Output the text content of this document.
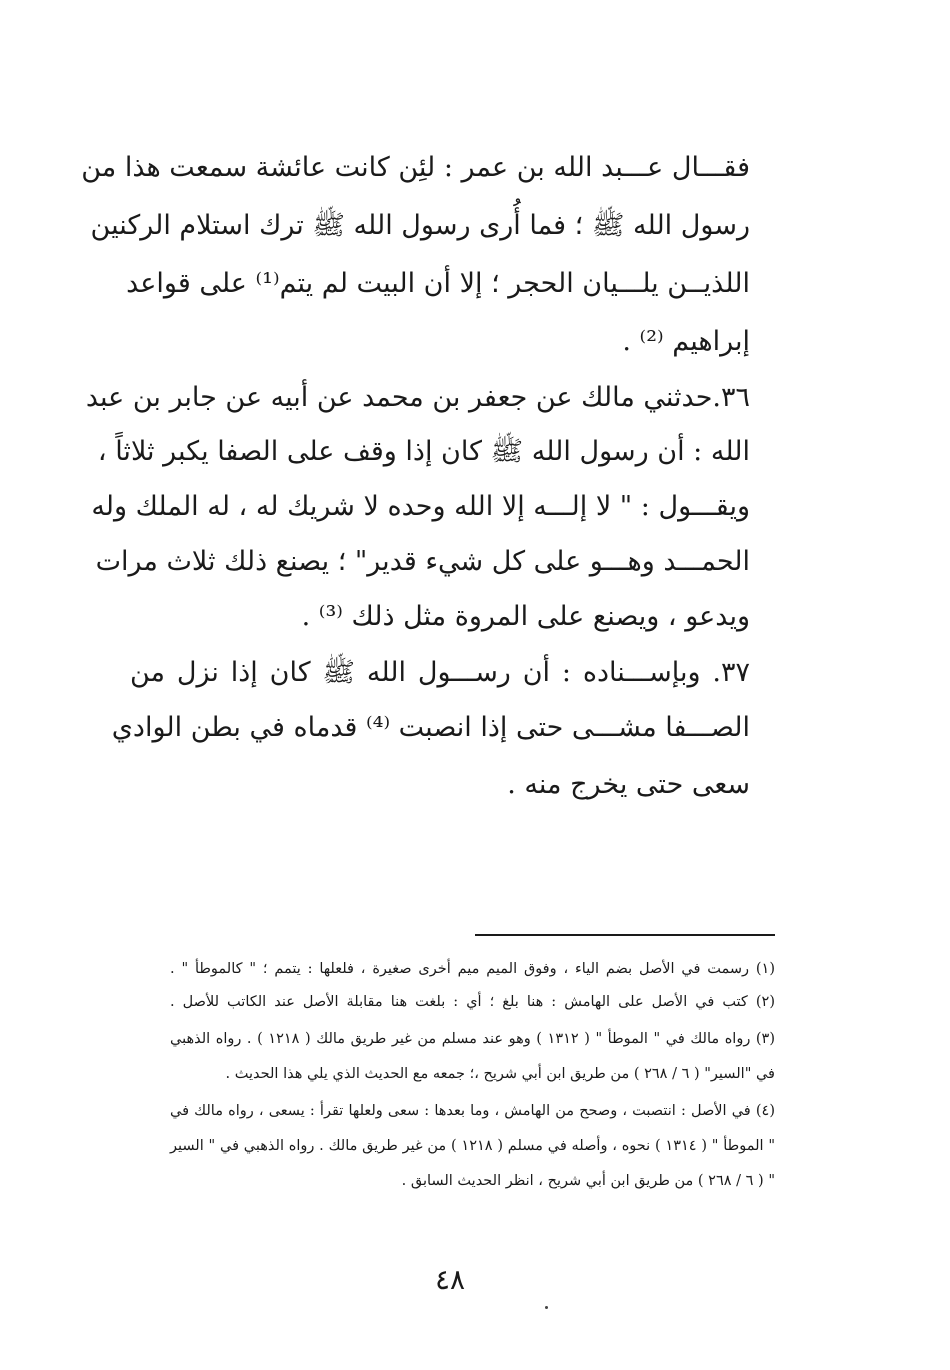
فقـــال عـــبد الله بن عمر : لئِن كانت عائشة سمعت هذا من
رسول الله ﷺ ؛ فما أُرى رسول الله ﷺ ترك استلام الركنين
اللذيــن يلـــيان الحجر ؛ إلا أن البيت لم يتم⁽¹⁾ على قواعد
إبراهيم ⁽²⁾ .
٣٦.حدثني مالك عن جعفر بن محمد عن أبيه عن جابر بن عبد
الله : أن رسول الله ﷺ كان إذا وقف على الصفا يكبر ثلاثاً ،
ويقـــول : " لا إلـــه إلا الله وحده لا شريك له ، له الملك وله
الحمـــد وهـــو على كل شيء قدير" ؛ يصنع ذلك ثلاث مرات
ويدعو ، ويصنع على المروة مثل ذلك ⁽³⁾ .
٣٧. وبإســـناده : أن رســـول الله ﷺ كان إذا نزل من
الصـــفا مشـــى حتى إذا انصبت ⁽⁴⁾ قدماه في بطن الوادي
سعى حتى يخرج منه .
(١) رسمت في الأصل بضم الياء ، وفوق الميم ميم أخرى صغيرة ، فلعلها : يتمم ؛ " كالموطأ " .
(٢) كتب في الأصل على الهامش : هنا بلغ ؛ أي : بلغت هنا مقابلة الأصل عند الكاتب للأصل .
(٣) رواه مالك في " الموطأ " ( ١٣١٢ ) وهو عند مسلم من غير طريق مالك ( ١٢١٨ ) . رواه الذهبي
في "السير" ( ٦ / ٢٦٨ ) من طريق ابن أبي شريح ،؛ جمعه مع الحديث الذي يلي هذا الحديث .
(٤) في الأصل : انتصبت ، وصحح من الهامش ، وما بعدها : سعى ولعلها تقرأ : يسعى ، رواه مالك في
" الموطأ " ( ١٣١٤ ) نحوه ، وأصله في مسلم ( ١٢١٨ ) من غير طريق مالك . رواه الذهبي في " السير
" ( ٦ / ٢٦٨ ) من طريق ابن أبي شريح ، انظر الحديث السابق .
٤٨
